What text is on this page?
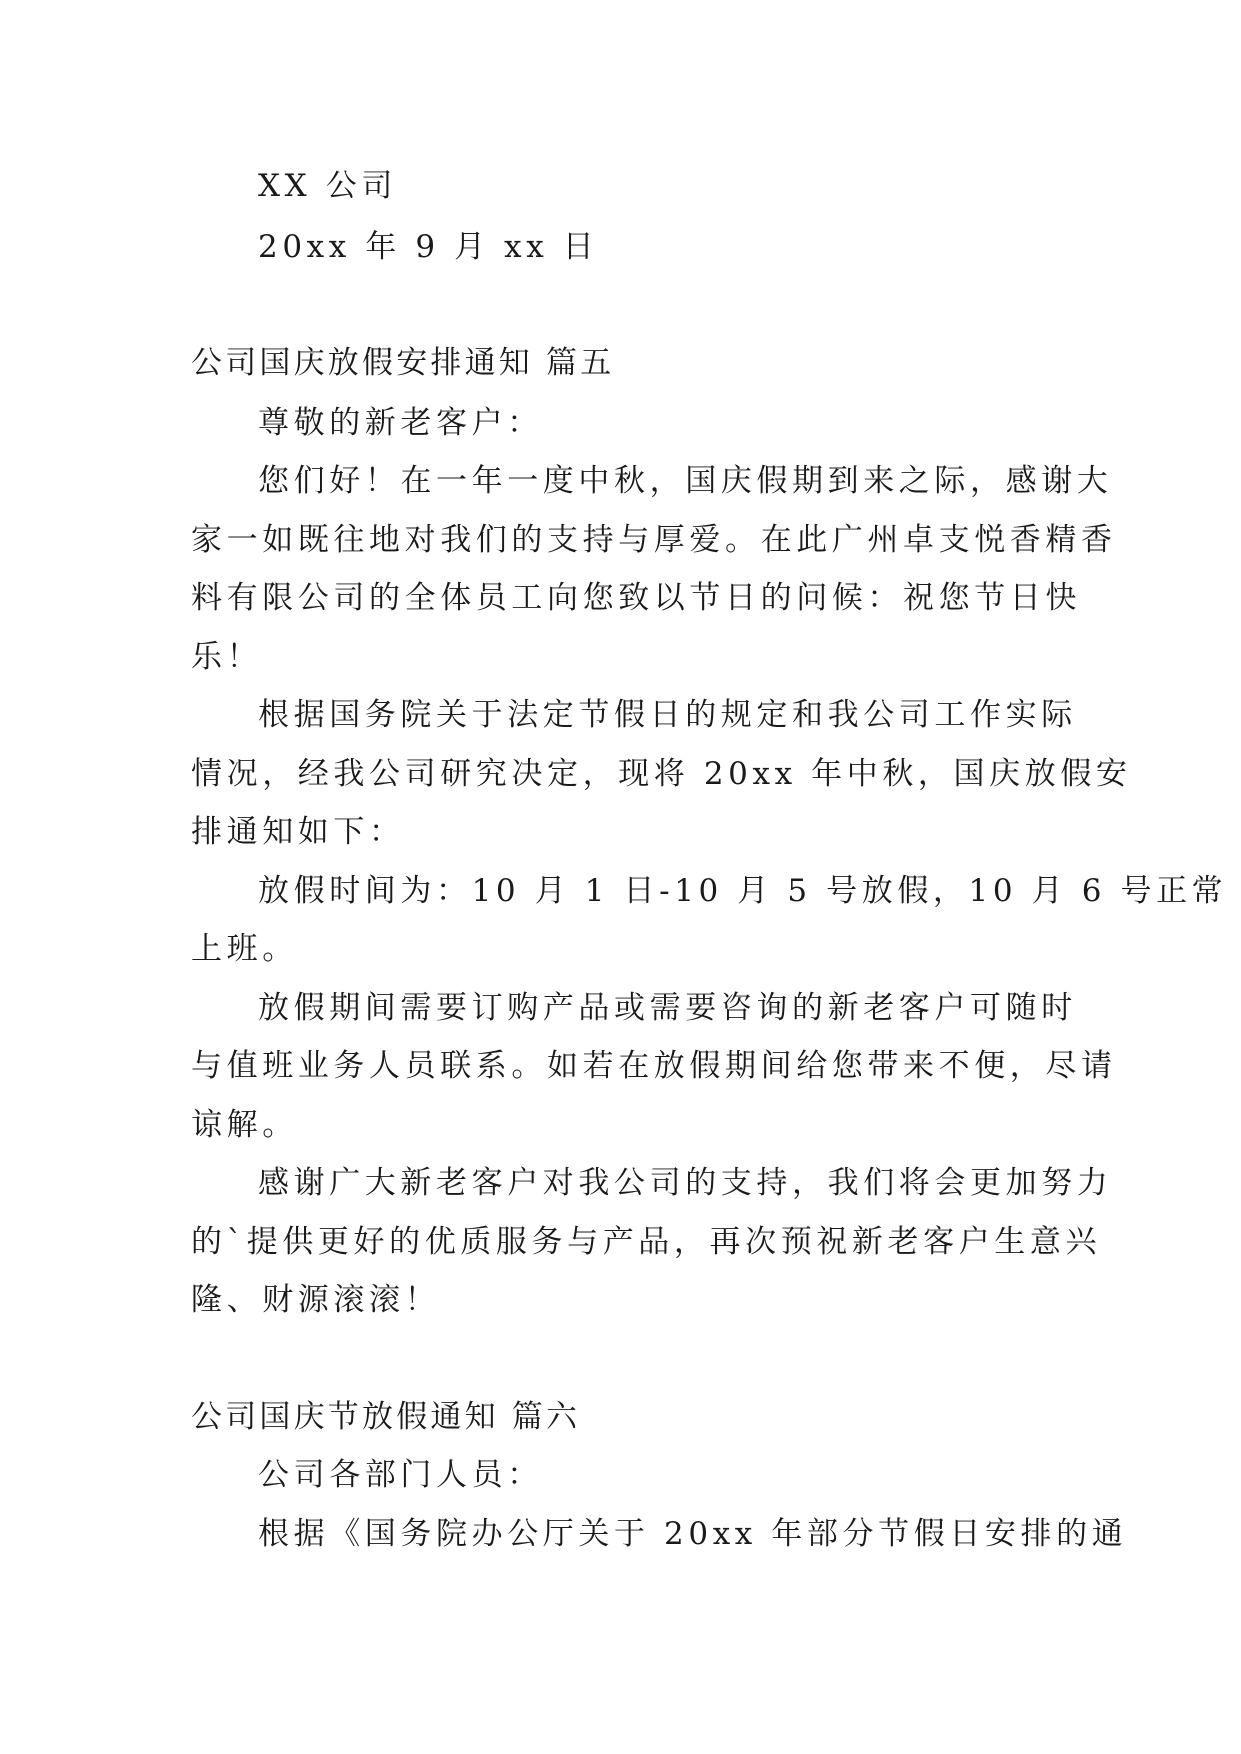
XX 公司
20xx 年 9 月 xx 日
公司国庆放假安排通知 篇五
尊敬的新老客户：
您们好！在一年一度中秋，国庆假期到来之际，感谢大
家一如既往地对我们的支持与厚爱。在此广州卓支悦香精香
料有限公司的全体员工向您致以节日的问候：祝您节日快
乐！
根据国务院关于法定节假日的规定和我公司工作实际
情况，经我公司研究决定，现将 20xx 年中秋，国庆放假安
排通知如下：
放假时间为：10 月 1 日-10 月 5 号放假，10 月 6 号正常
上班。
放假期间需要订购产品或需要咨询的新老客户可随时
与值班业务人员联系。如若在放假期间给您带来不便，尽请
谅解。
感谢广大新老客户对我公司的支持，我们将会更加努力
的`提供更好的优质服务与产品，再次预祝新老客户生意兴
隆、财源滚滚！
公司国庆节放假通知 篇六
公司各部门人员：
根据《国务院办公厅关于 20xx 年部分节假日安排的通
